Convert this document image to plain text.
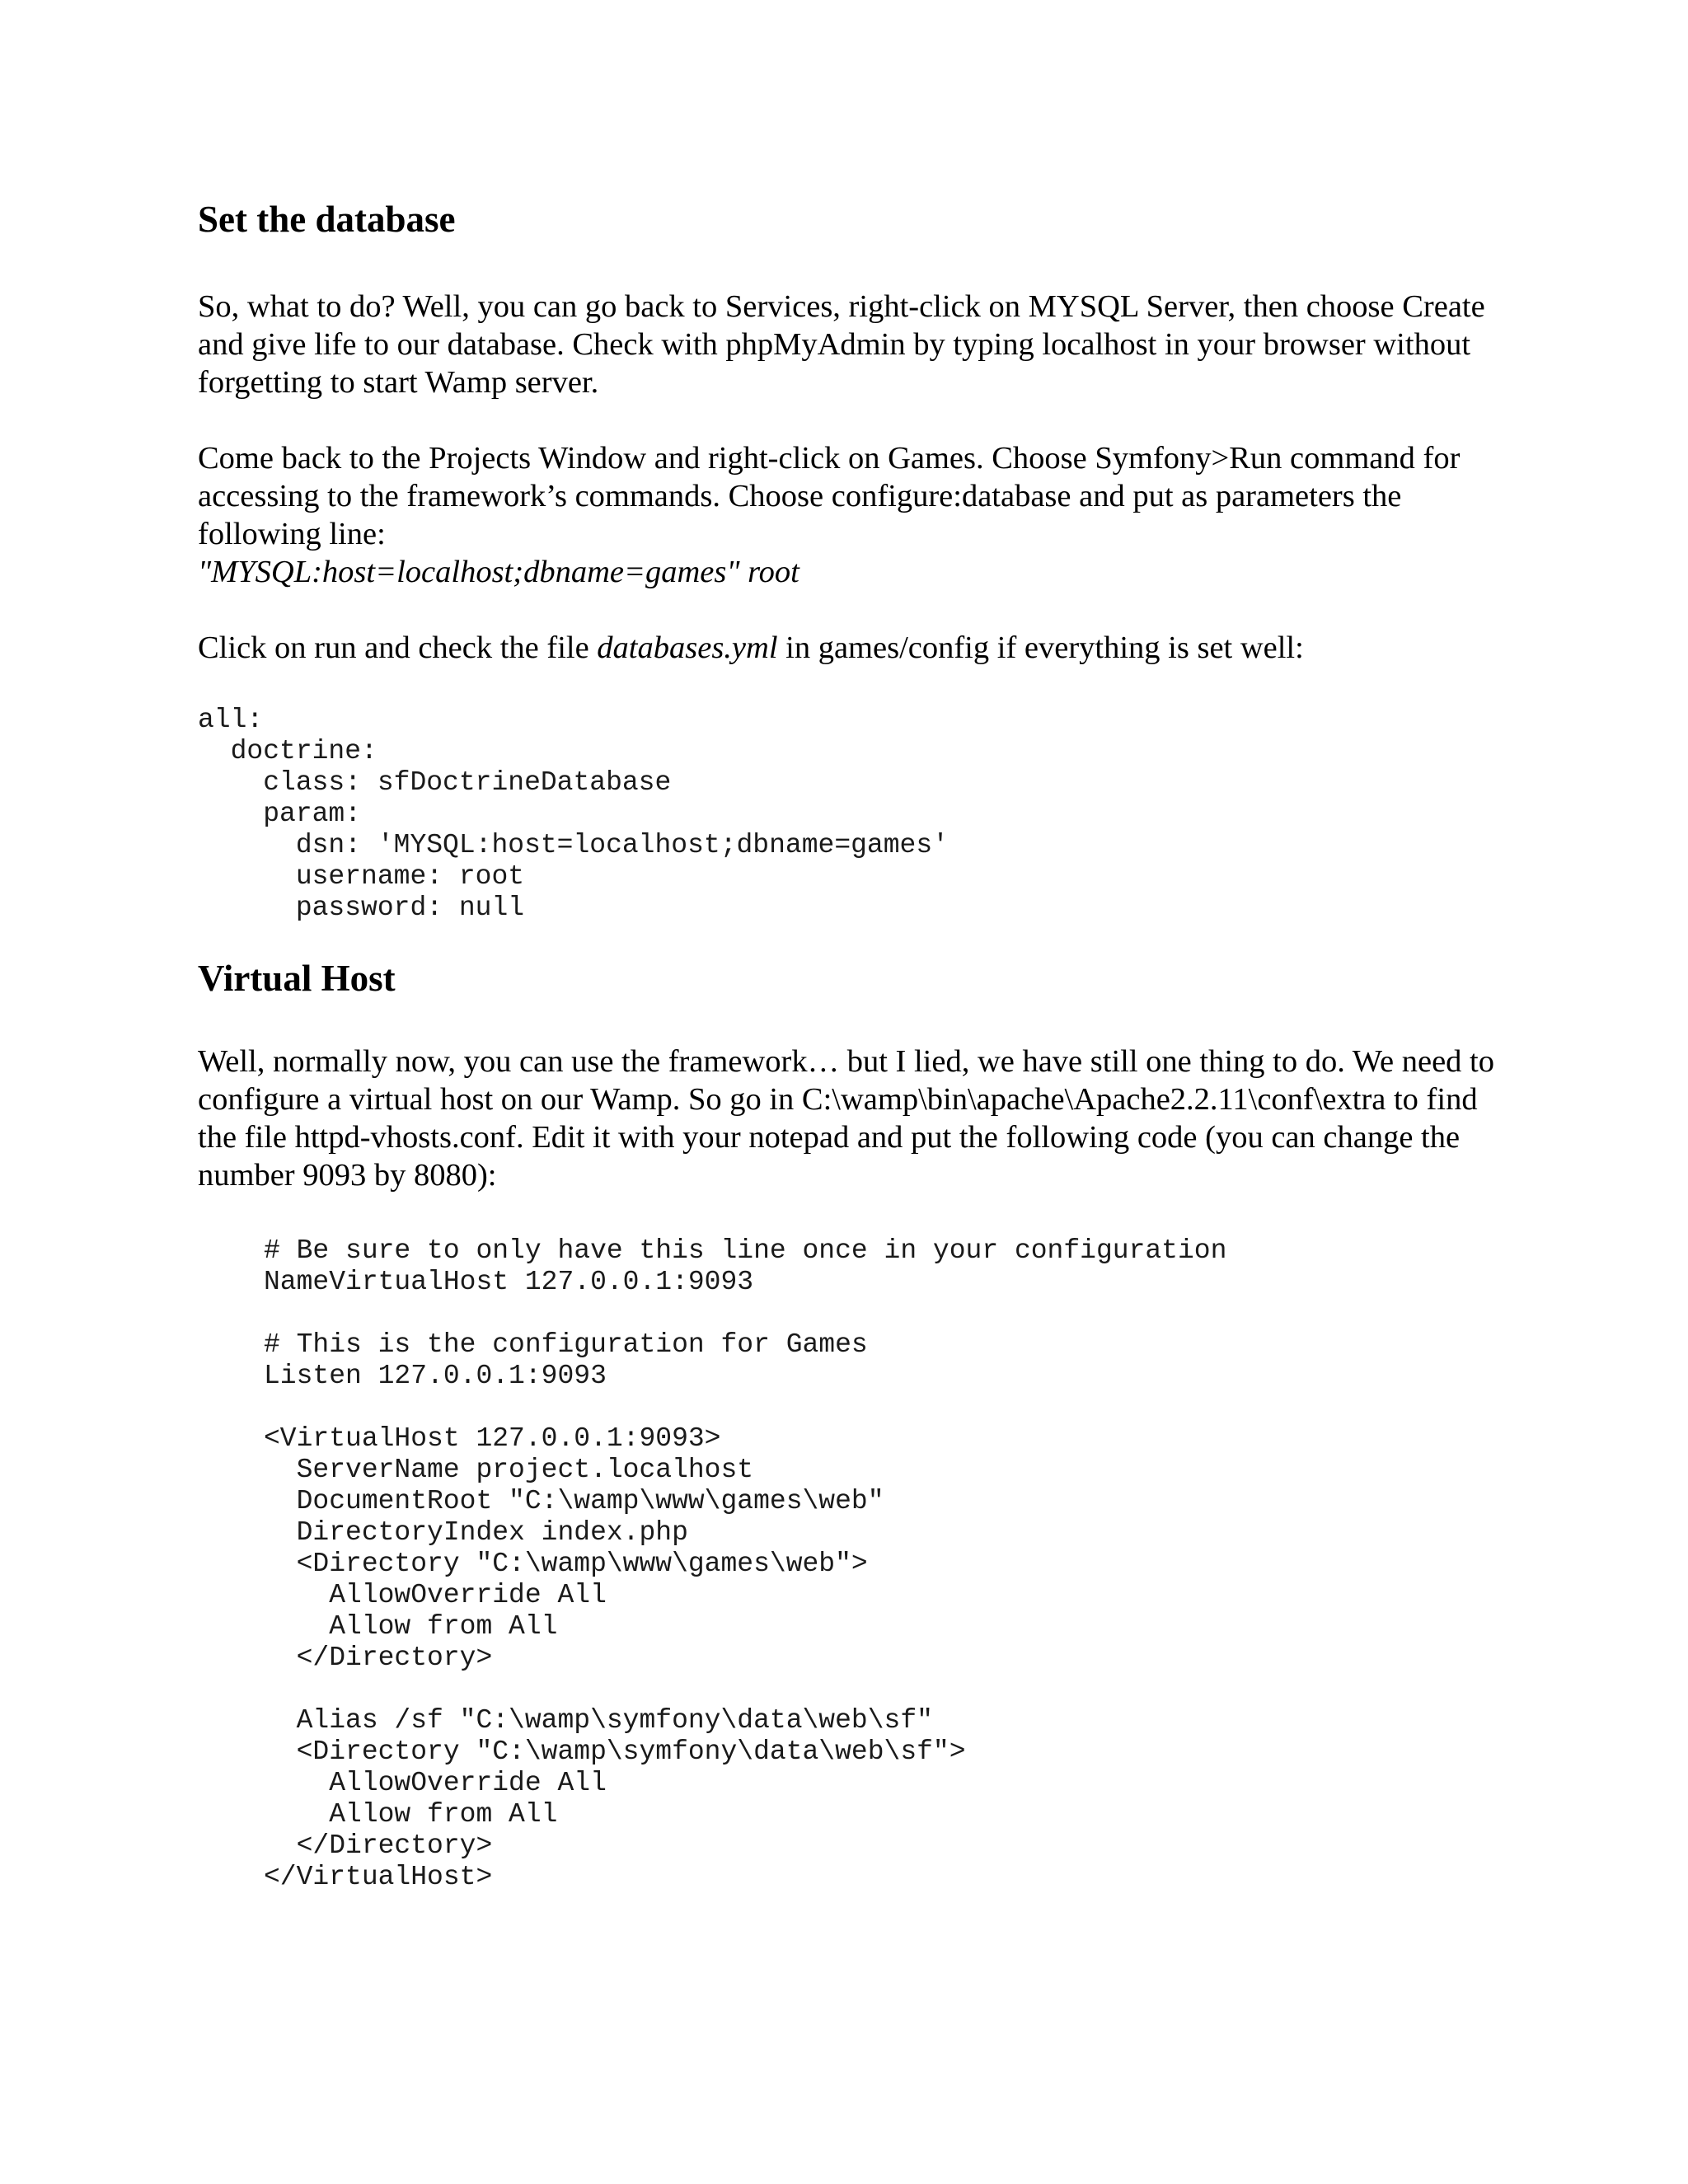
Set the database

So, what to do? Well, you can go back to Services, right-click on MYSQL Server, then choose Create and give life to our database. Check with phpMyAdmin by typing localhost in your browser without forgetting to start Wamp server.

Come back to the Projects Window and right-click on Games. Choose Symfony>Run command for accessing to the framework’s commands. Choose configure:database and put as parameters the following line:
"MYSQL:host=localhost;dbname=games" root

Click on run and check the file databases.yml in games/config if everything is set well:

all:
doctrine:
class: sfDoctrineDatabase
param:
dsn: 'MYSQL:host=localhost;dbname=games'
username: root
password: null
Virtual Host

Well, normally now, you can use the framework… but I lied, we have still one thing to do. We need to configure a virtual host on our Wamp. So go in C:\wamp\bin\apache\Apache2.2.11\conf\extra to find the file httpd-vhosts.conf. Edit it with your notepad and put the following code (you can change the number 9093 by 8080):

# Be sure to only have this line once in your configuration
NameVirtualHost 127.0.0.1:9093
# This is the configuration for Games
Listen 127.0.0.1:9093
<VirtualHost 127.0.0.1:9093>
ServerName project.localhost
DocumentRoot "C:\wamp\www\games\web"
DirectoryIndex index.php
<Directory "C:\wamp\www\games\web">
AllowOverride All
Allow from All
</Directory>
Alias /sf "C:\wamp\symfony\data\web\sf"
<Directory "C:\wamp\symfony\data\web\sf">
AllowOverride All
Allow from All
</Directory>
</VirtualHost>
